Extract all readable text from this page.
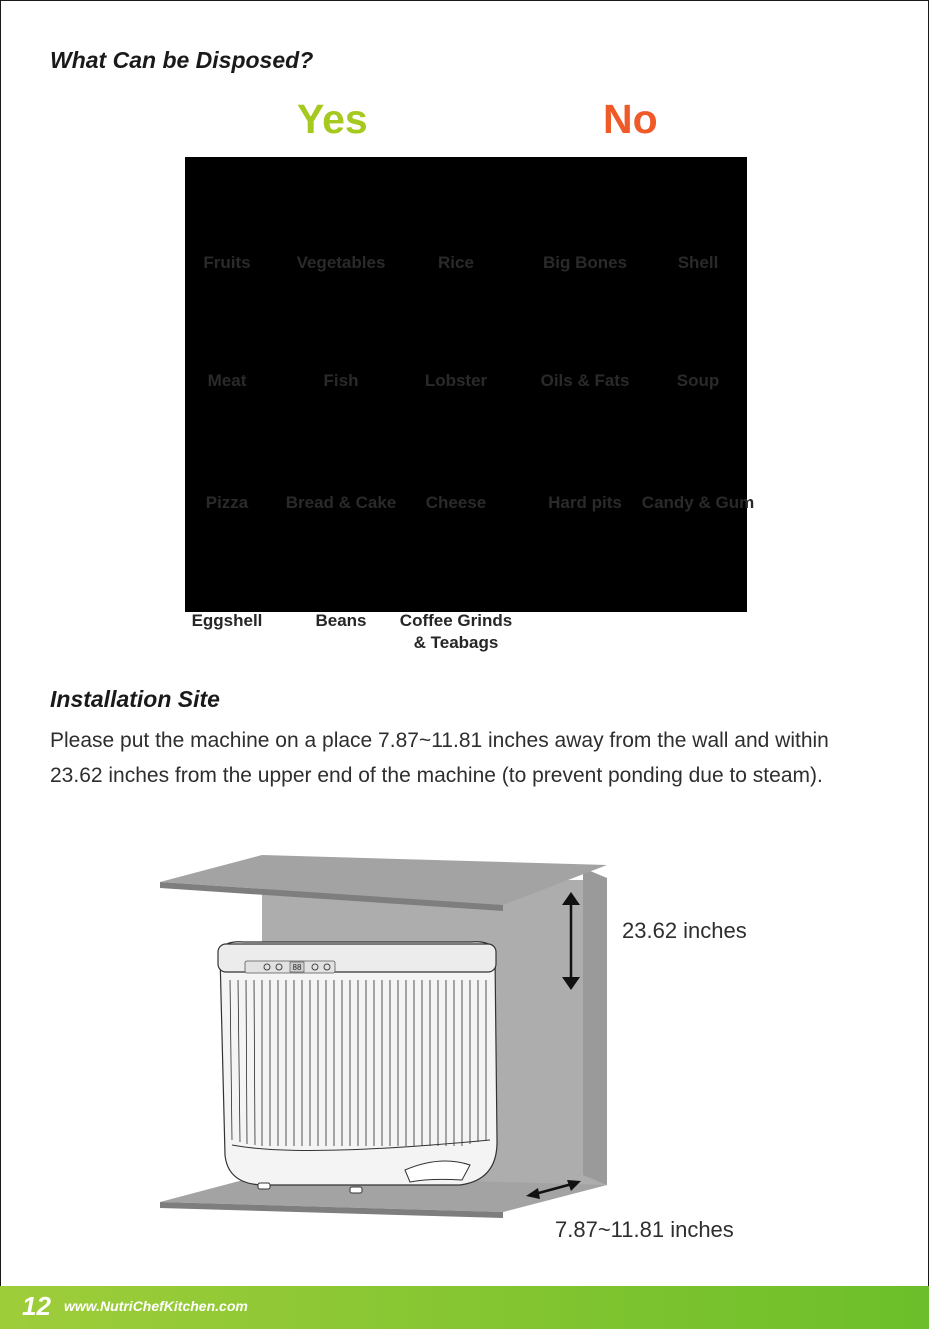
What Can be Disposed?
Yes	No
Fruits	Vegetables	Rice	Big Bones	Shell
Meat	Fish	Lobster	Oils & Fats	Soup
Pizza	Bread & Cake	Cheese	Hard pits	Candy & Gum
Eggshell	Beans	Coffee Grinds
& Teabags
Installation Site

Please put the machine on a place 7.87~11.81 inches away from the wall and within 23.62 inches from the upper end of the machine (to prevent ponding due to steam).

88
23.62 inches
7.87~11.81 inches
12 www.NutriChefKitchen.com
